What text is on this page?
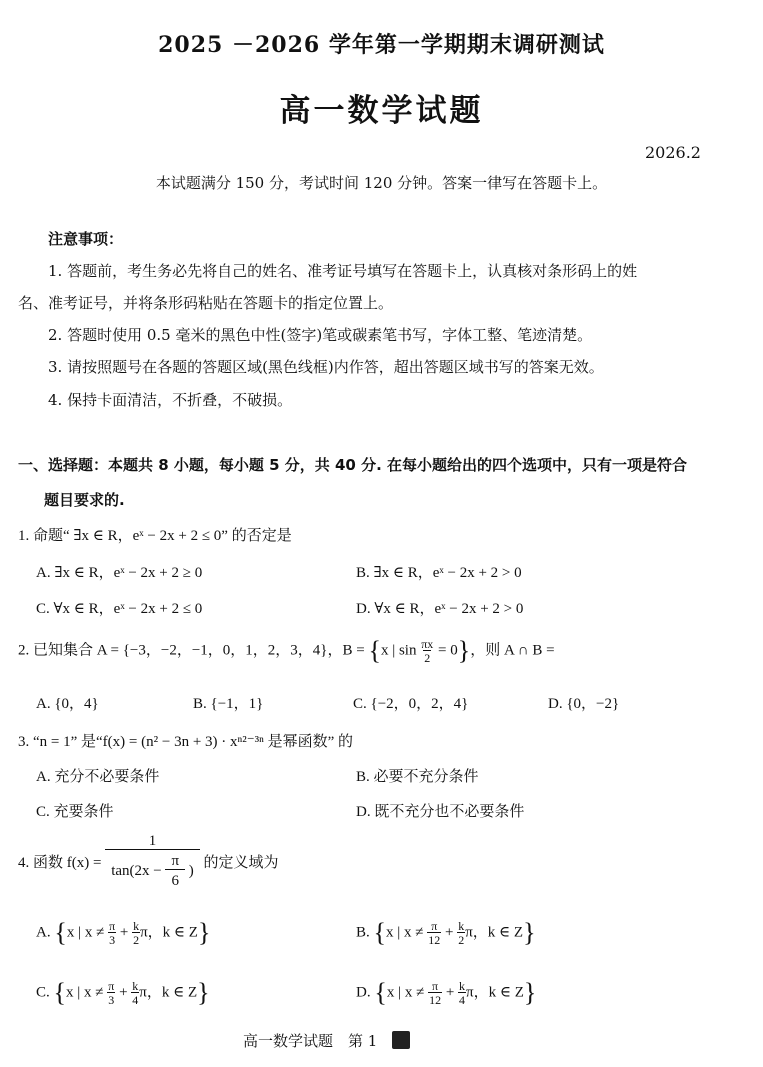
2025 －2026 学年第一学期期末调研测试
高一数学试题
2026.2
本试题满分 150 分，考试时间 120 分钟。答案一律写在答题卡上。
注意事项：
1. 答题前，考生务必先将自己的姓名、准考证号填写在答题卡上，认真核对条形码上的姓
名、准考证号，并将条形码粘贴在答题卡的指定位置上。
2. 答题时使用 0.5 毫米的黑色中性(签字)笔或碳素笔书写，字体工整、笔迹清楚。
3. 请按照题号在各题的答题区域(黑色线框)内作答，超出答题区域书写的答案无效。
4. 保持卡面清洁，不折叠，不破损。
一、选择题：本题共 8 小题，每小题 5 分，共 40 分. 在每小题给出的四个选项中，只有一项是符合
题目要求的.
1. 命题“ ∃x ∈ R，eˣ − 2x + 2 ≤ 0” 的否定是
A. ∃x ∈ R，eˣ − 2x + 2 ≥ 0	B. ∃x ∈ R，eˣ − 2x + 2 > 0
C. ∀x ∈ R，eˣ − 2x + 2 ≤ 0	D. ∀x ∈ R，eˣ − 2x + 2 > 0
2. 已知集合 A = {−3，−2，−1，0，1，2，3，4}，B = {x | $\sin \frac{\pi x}{2} = 0$}，则 A ∩ B =
A. {0，4}	B. {−1，1}	C. {−2，0，2，4}	D. {0，−2}
3. “n = 1” 是“f(x) = (n² − 3n + 3) · xⁿ²⁻³ⁿ 是幂函数” 的
A. 充分不必要条件	B. 必要不充分条件
C. 充要条件	D. 既不充分也不必要条件
4. 函数 f(x) =
$\frac{1}{\tan(2x - \frac{\pi}{6} )}$
的定义域为
A. {x | $x \ne \frac{\pi}{3} + \frac{k}{2}$ π，k ∈ Z}	B. {x | $x \ne \frac{\pi}{12} + \frac{k}{2}$ π，k ∈ Z}
C. {x | $x \ne \frac{\pi}{3} + \frac{k}{4}$ π，k ∈ Z}	D. {x | $x \ne \frac{\pi}{12} + \frac{k}{4}$ π，k ∈ Z}
高一数学试题　第 1
